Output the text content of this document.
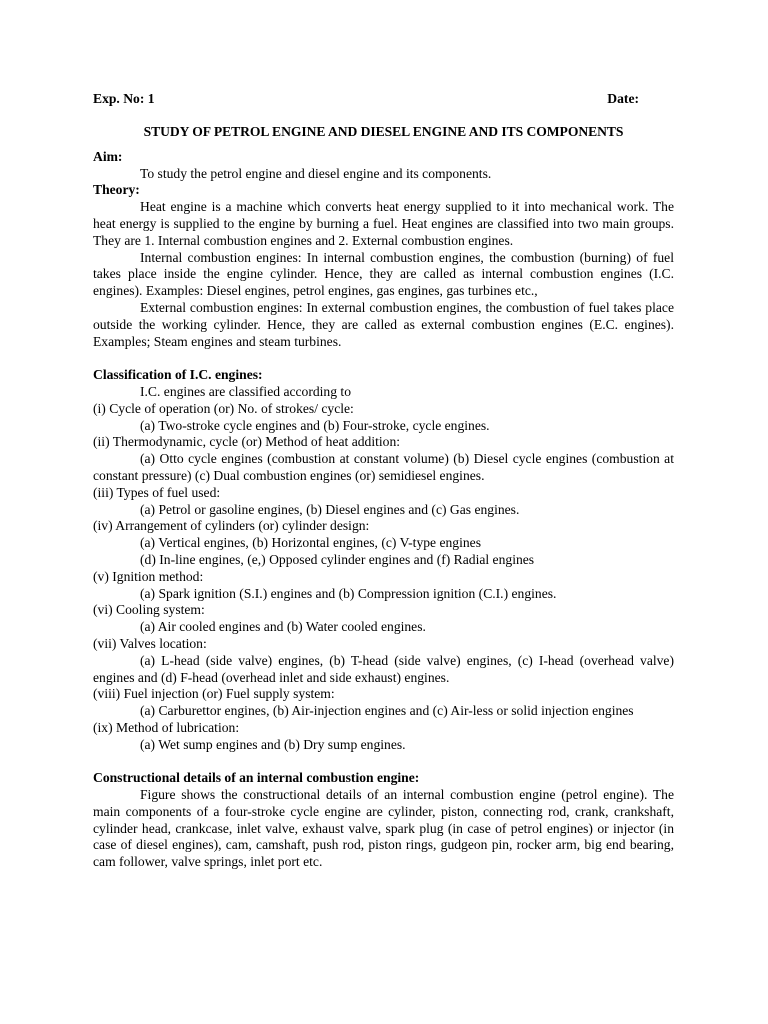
Exp. No: 1	Date:
STUDY OF PETROL ENGINE AND DIESEL ENGINE AND ITS COMPONENTS
Aim:

To study the petrol engine and diesel engine and its components.

Theory:

Heat engine is a machine which converts heat energy supplied to it into mechanical work. The heat energy is supplied to the engine by burning a fuel. Heat engines are classified into two main groups. They are 1. Internal combustion engines and 2. External combustion engines.

Internal combustion engines: In internal combustion engines, the combustion (burning) of fuel takes place inside the engine cylinder. Hence, they are called as internal combustion engines (I.C. engines). Examples: Diesel engines, petrol engines, gas engines, gas turbines etc.,

External combustion engines: In external combustion engines, the combustion of fuel takes place outside the working cylinder. Hence, they are called as external combustion engines (E.C. engines). Examples; Steam engines and steam turbines.

Classification of I.C. engines:

I.C. engines are classified according to

(i) Cycle of operation (or) No. of strokes/ cycle:

(a) Two-stroke cycle engines and (b) Four-stroke, cycle engines.

(ii) Thermodynamic, cycle (or) Method of heat addition:

(a) Otto cycle engines (combustion at constant volume) (b) Diesel cycle engines (combustion at constant pressure) (c) Dual combustion engines (or) semidiesel engines.

(iii) Types of fuel used:

(a) Petrol or gasoline engines, (b) Diesel engines and (c) Gas engines.

(iv) Arrangement of cylinders (or) cylinder design:

(a) Vertical engines, (b) Horizontal engines, (c) V-type engines

(d) In-line engines, (e,) Opposed cylinder engines and (f) Radial engines

(v) Ignition method:

(a) Spark ignition (S.I.) engines and (b) Compression ignition (C.I.) engines.

(vi) Cooling system:

(a) Air cooled engines and (b) Water cooled engines.

(vii) Valves location:

(a) L-head (side valve) engines, (b) T-head (side valve) engines, (c) I-head (overhead valve) engines and (d) F-head (overhead inlet and side exhaust) engines.

(viii) Fuel injection (or) Fuel supply system:

(a) Carburettor engines, (b) Air-injection engines and (c) Air-less or solid injection engines

(ix) Method of lubrication:

(a) Wet sump engines and (b) Dry sump engines.

Constructional details of an internal combustion engine:

Figure shows the constructional details of an internal combustion engine (petrol engine). The main components of a four-stroke cycle engine are cylinder, piston, connecting rod, crank, crankshaft, cylinder head, crankcase, inlet valve, exhaust valve, spark plug (in case of petrol engines) or injector (in case of diesel engines), cam, camshaft, push rod, piston rings, gudgeon pin, rocker arm, big end bearing, cam follower, valve springs, inlet port etc.
